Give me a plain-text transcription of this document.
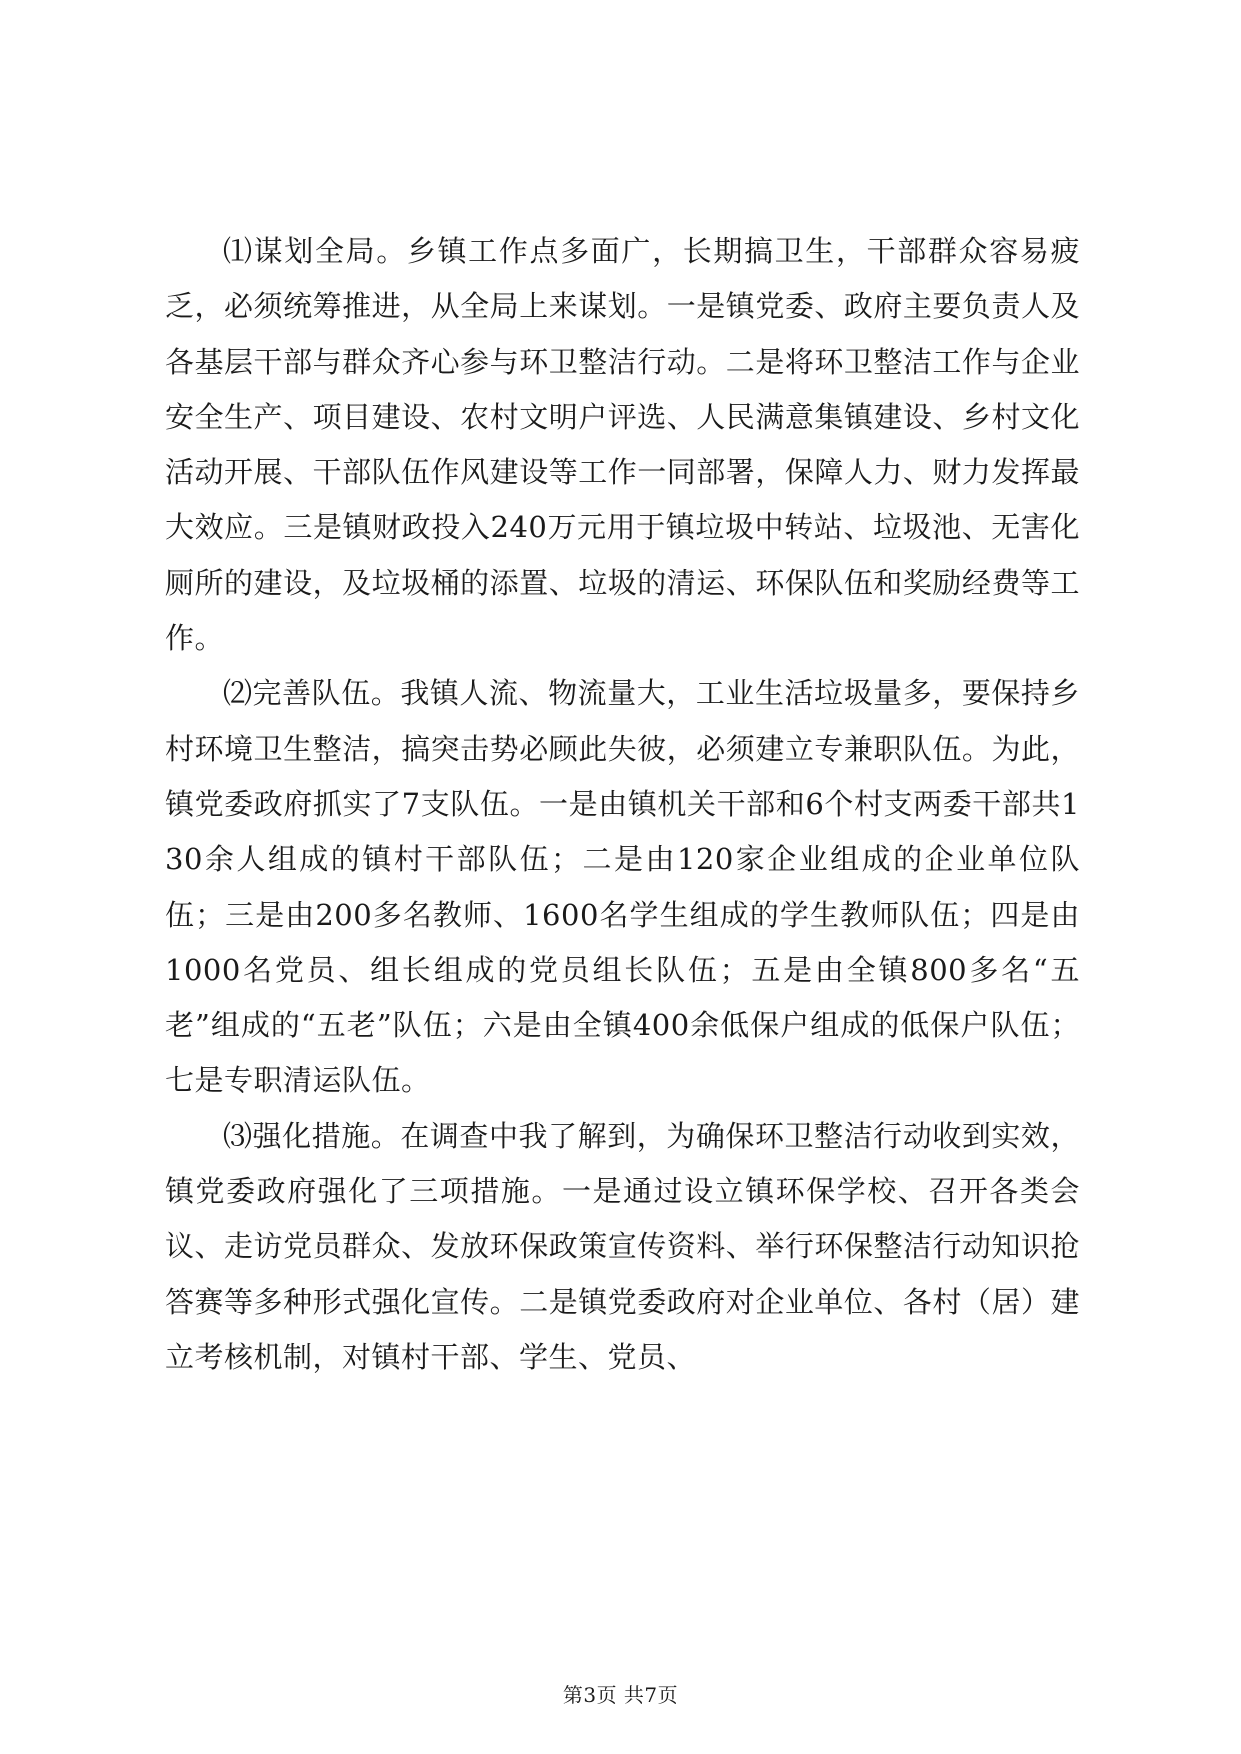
⑴谋划全局。乡镇工作点多面广，长期搞卫生，干部群众容易疲乏，必须统筹推进，从全局上来谋划。一是镇党委、政府主要负责人及各基层干部与群众齐心参与环卫整洁行动。二是将环卫整洁工作与企业安全生产、项目建设、农村文明户评选、人民满意集镇建设、乡村文化活动开展、干部队伍作风建设等工作一同部署，保障人力、财力发挥最大效应。三是镇财政投入240万元用于镇垃圾中转站、垃圾池、无害化厕所的建设，及垃圾桶的添置、垃圾的清运、环保队伍和奖励经费等工作。

⑵完善队伍。我镇人流、物流量大，工业生活垃圾量多，要保持乡村环境卫生整洁，搞突击势必顾此失彼，必须建立专兼职队伍。为此，镇党委政府抓实了7支队伍。一是由镇机关干部和6个村支两委干部共130余人组成的镇村干部队伍；二是由120家企业组成的企业单位队伍；三是由200多名教师、1600名学生组成的学生教师队伍；四是由1000名党员、组长组成的党员组长队伍；五是由全镇800多名“五老”组成的“五老”队伍；六是由全镇400余低保户组成的低保户队伍；七是专职清运队伍。

⑶强化措施。在调查中我了解到，为确保环卫整洁行动收到实效，镇党委政府强化了三项措施。一是通过设立镇环保学校、召开各类会议、走访党员群众、发放环保政策宣传资料、举行环保整洁行动知识抢答赛等多种形式强化宣传。二是镇党委政府对企业单位、各村（居）建立考核机制，对镇村干部、学生、党员、

第3页 共7页
